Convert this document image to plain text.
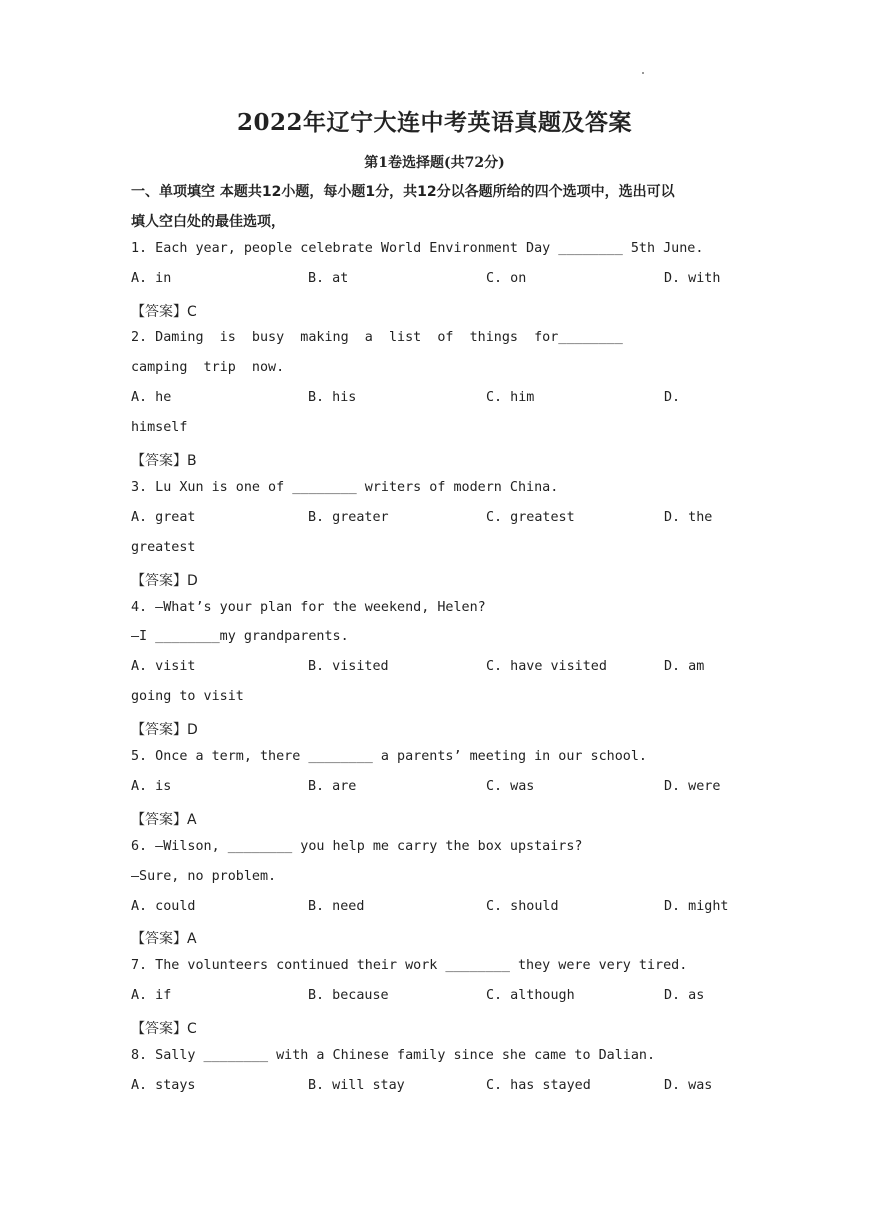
2022年辽宁大连中考英语真题及答案
第1卷选择题(共72分)
一、单项填空 本题共12小题，每小题1分，共12分以各题所给的四个选项中，选出可以
填人空白处的最佳选项，
1. Each year, people celebrate World Environment Day ________ 5th June.
A. in	B. at	C. on	D. with
【答案】C
2. Daming  is  busy  making  a  list  of  things  for________
camping  trip  now.
A. he	B. his	C. him	D.
himself
【答案】B
3. Lu Xun is one of ________ writers of modern China.
A. great	B. greater	C. greatest	D. the
greatest
【答案】D
4. —What’s your plan for the weekend, Helen?
—I ________my grandparents.
A. visit	B. visited	C. have visited	D. am
going to visit
【答案】D
5. Once a term, there ________ a parents’ meeting in our school.
A. is	B. are	C. was	D. were
【答案】A
6. —Wilson, ________ you help me carry the box upstairs?
—Sure, no problem.
A. could	B. need	C. should	D. might
【答案】A
7. The volunteers continued their work ________ they were very tired.
A. if	B. because	C. although	D. as
【答案】C
8. Sally ________ with a Chinese family since she came to Dalian.
A. stays	B. will stay	C. has stayed	D. was
